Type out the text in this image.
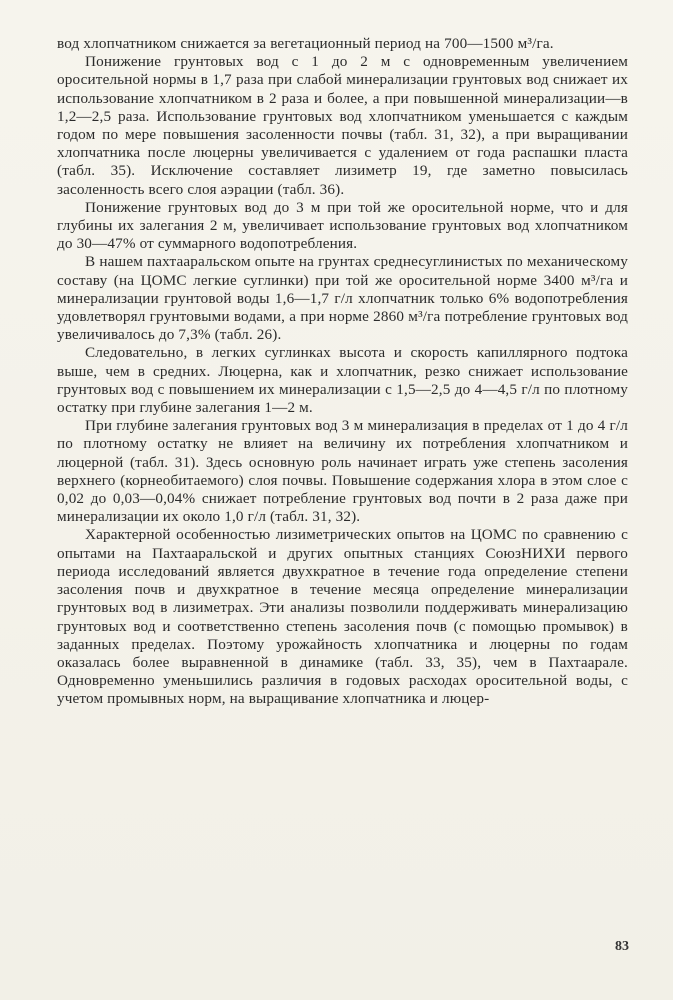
вод хлопчатником снижается за вегетационный период на 700—1500 м³/га.

Понижение грунтовых вод с 1 до 2 м с одновременным увеличением оросительной нормы в 1,7 раза при слабой минерализации грунтовых вод снижает их использование хлопчатником в 2 раза и более, а при повышенной минерализации—в 1,2—2,5 раза. Использование грунтовых вод хлопчатником уменьшается с каждым годом по мере повышения засоленности почвы (табл. 31, 32), а при выращивании хлопчатника после люцерны увеличивается с удалением от года распашки пласта (табл. 35). Исключение составляет лизиметр 19, где заметно повысилась засоленность всего слоя аэрации (табл. 36).

Понижение грунтовых вод до 3 м при той же оросительной норме, что и для глубины их залегания 2 м, увеличивает использование грунтовых вод хлопчатником до 30—47% от суммарного водопотребления.

В нашем пахтааральском опыте на грунтах среднесуглинистых по механическому составу (на ЦОМС легкие суглинки) при той же оросительной норме 3400 м³/га и минерализации грунтовой воды 1,6—1,7 г/л хлопчатник только 6% водопотребления удовлетворял грунтовыми водами, а при норме 2860 м³/га потребление грунтовых вод увеличивалось до 7,3% (табл. 26).

Следовательно, в легких суглинках высота и скорость капиллярного подтока выше, чем в средних. Люцерна, как и хлопчатник, резко снижает использование грунтовых вод с повышением их минерализации с 1,5—2,5 до 4—4,5 г/л по плотному остатку при глубине залегания 1—2 м.

При глубине залегания грунтовых вод 3 м минерализация в пределах от 1 до 4 г/л по плотному остатку не влияет на величину их потребления хлопчатником и люцерной (табл. 31). Здесь основную роль начинает играть уже степень засоления верхнего (корнеобитаемого) слоя почвы. Повышение содержания хлора в этом слое с 0,02 до 0,03—0,04% снижает потребление грунтовых вод почти в 2 раза даже при минерализации их около 1,0 г/л (табл. 31, 32).

Характерной особенностью лизиметрических опытов на ЦОМС по сравнению с опытами на Пахтааральской и других опытных станциях СоюзНИХИ первого периода исследований является двухкратное в течение года определение степени засоления почв и двухкратное в течение месяца определение минерализации грунтовых вод в лизиметрах. Эти анализы позволили поддерживать минерализацию грунтовых вод и соответственно степень засоления почв (с помощью промывок) в заданных пределах. Поэтому урожайность хлопчатника и люцерны по годам оказалась более выравненной в динамике (табл. 33, 35), чем в Пахтаарале. Одновременно уменьшились различия в годовых расходах оросительной воды, с учетом промывных норм, на выращивание хлопчатника и люцер-

83
